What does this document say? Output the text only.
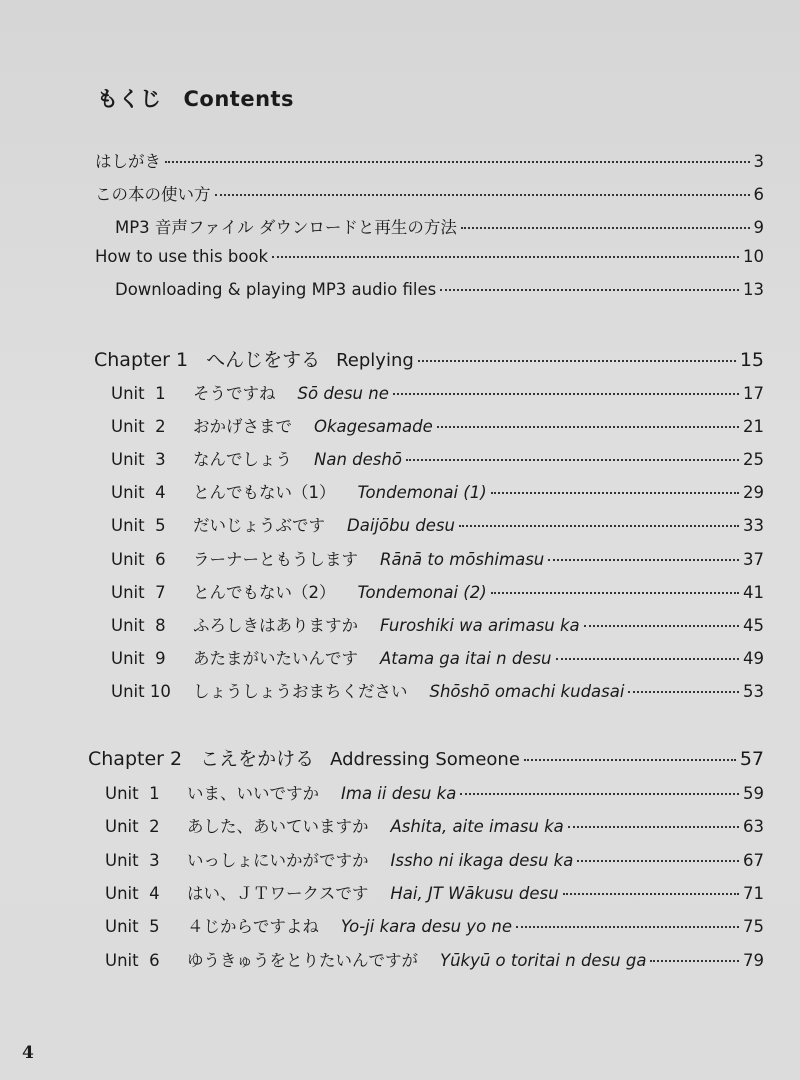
もくじ Contents
はしがき	3
この本の使い方	6
MP3 音声ファイル ダウンロードと再生の方法	9
How to use this book	10
Downloading & playing MP3 audio files	13
Chapter 1 へんじをする Replying	15
Unit  1 そうですね Sō desu ne	17
Unit  2 おかげさまで Okagesamade	21
Unit  3 なんでしょう Nan deshō	25
Unit  4 とんでもない（1） Tondemonai (1)	29
Unit  5 だいじょうぶです Daijōbu desu	33
Unit  6 ラーナーともうします Rānā to mōshimasu	37
Unit  7 とんでもない（2） Tondemonai (2)	41
Unit  8 ふろしきはありますか Furoshiki wa arimasu ka	45
Unit  9 あたまがいたいんです Atama ga itai n desu	49
Unit 10 しょうしょうおまちください Shōshō omachi kudasai	53
Chapter 2 こえをかける Addressing Someone	57
Unit  1 いま、いいですか Ima ii desu ka	59
Unit  2 あした、あいていますか Ashita, aite imasu ka	63
Unit  3 いっしょにいかがですか Issho ni ikaga desu ka	67
Unit  4 はい、ＪＴワークスです Hai, JT Wākusu desu	71
Unit  5 ４じからですよね Yo-ji kara desu yo ne	75
Unit  6 ゆうきゅうをとりたいんですが Yūkyū o toritai n desu ga	79
4
